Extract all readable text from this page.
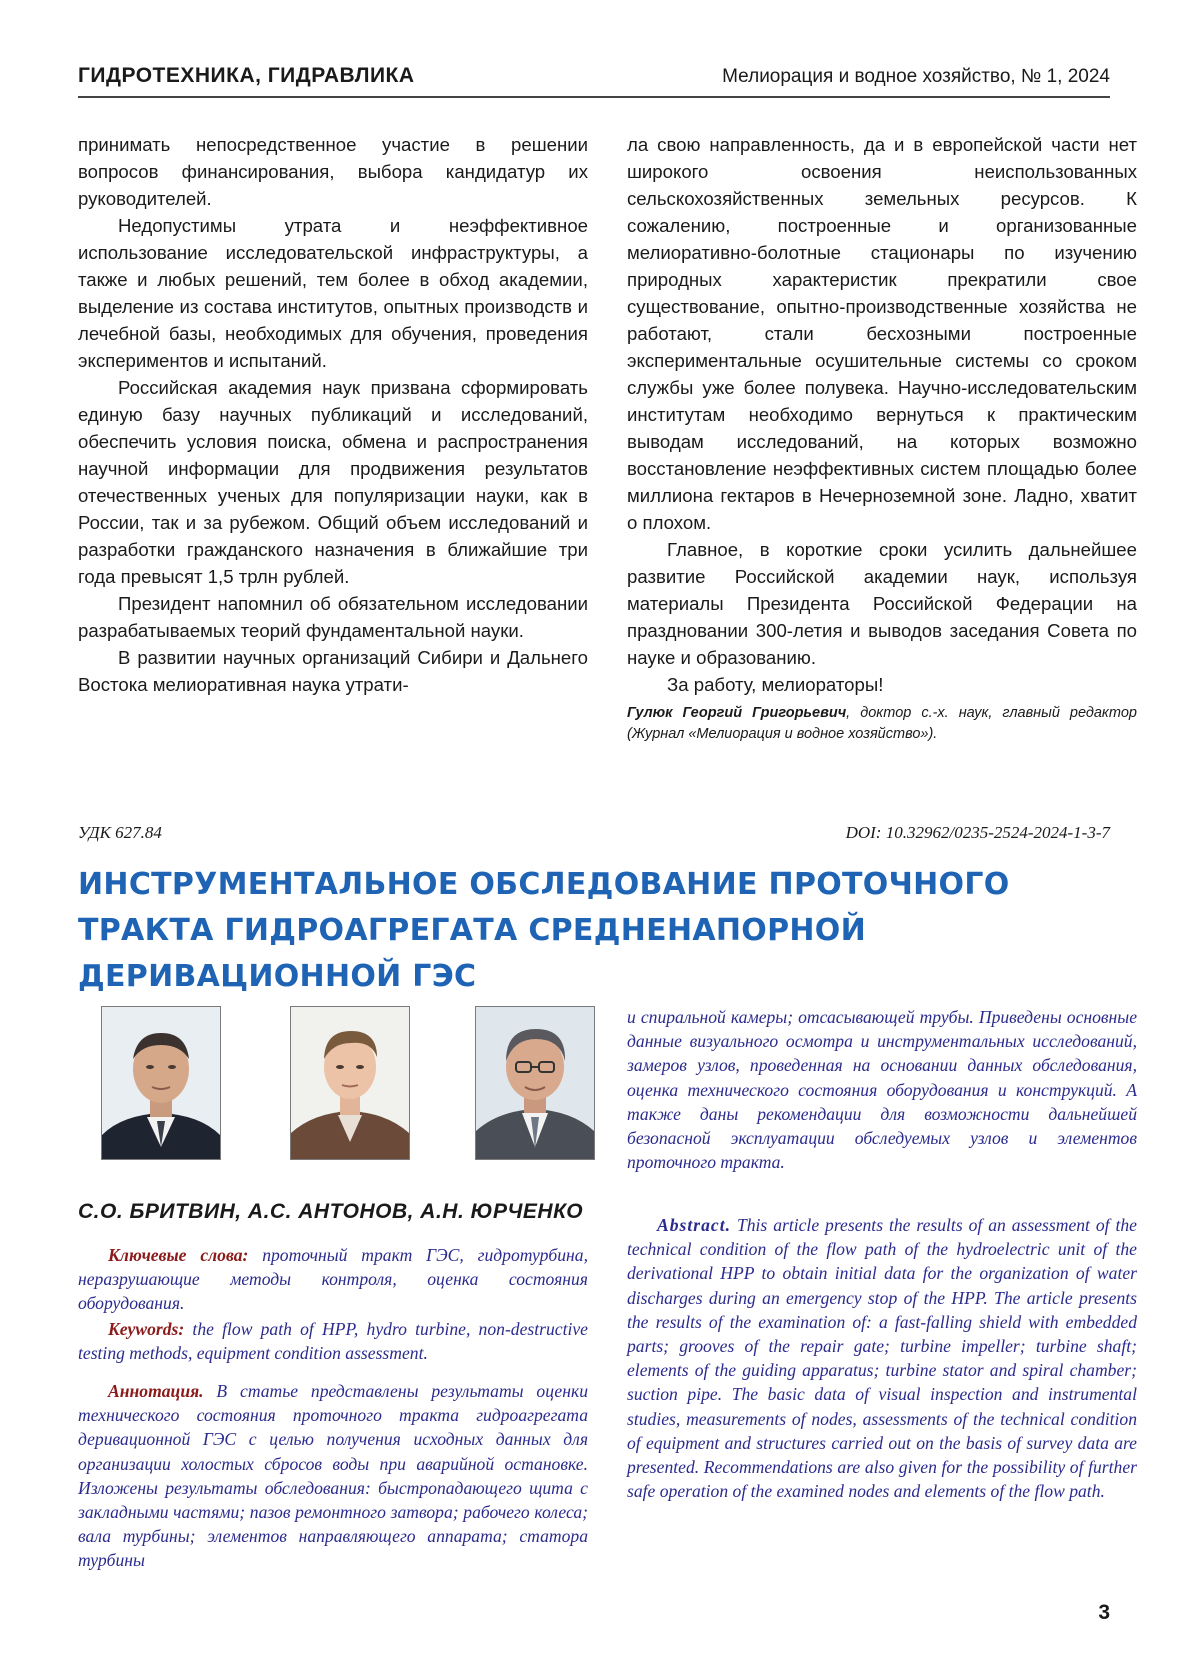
ГИДРОТЕХНИКА, ГИДРАВЛИКА	Мелиорация и водное хозяйство, № 1, 2024

принимать непосредственное участие в решении вопросов финансирования, выбора кандидатур их руководителей.

Недопустимы утрата и неэффективное использование исследовательской инфраструктуры, а также и любых решений, тем более в обход академии, выделение из состава институтов, опытных производств и лечебной базы, необходимых для обучения, проведения экспериментов и испытаний.

Российская академия наук призвана сформировать единую базу научных публикаций и исследований, обеспечить условия поиска, обмена и распространения научной информации для продвижения результатов отечественных ученых для популяризации науки, как в России, так и за рубежом. Общий объем исследований и разработки гражданского назначения в ближайшие три года превысят 1,5 трлн рублей.

Президент напомнил об обязательном исследовании разрабатываемых теорий фундаментальной науки.

В развитии научных организаций Сибири и Дальнего Востока мелиоративная наука утрати-

ла свою направленность, да и в европейской части нет широкого освоения неиспользованных сельскохозяйственных земельных ресурсов. К сожалению, построенные и организованные мелиоративно-болотные стационары по изучению природных характеристик прекратили свое существование, опытно-производственные хозяйства не работают, стали бесхозными построенные экспериментальные осушительные системы со сроком службы уже более полувека. Научно-исследовательским институтам необходимо вернуться к практическим выводам исследований, на которых возможно восстановление неэффективных систем площадью более миллиона гектаров в Нечерноземной зоне. Ладно, хватит о плохом.

Главное, в короткие сроки усилить дальнейшее развитие Российской академии наук, используя материалы Президента Российской Федерации на праздновании 300-летия и выводов заседания Совета по науке и образованию.

За работу, мелиораторы!

Гулюк Георгий Григорьевич, доктор с.-х. наук, главный редактор (Журнал «Мелиорация и водное хозяйство»).
УДК 627.84	DOI: 10.32962/0235-2524-2024-1-3-7
ИНСТРУМЕНТАЛЬНОЕ ОБСЛЕДОВАНИЕ ПРОТОЧНОГО
ТРАКТА ГИДРОАГРЕГАТА СРЕДНЕНАПОРНОЙ
ДЕРИВАЦИОННОЙ ГЭС
С.О. БРИТВИН, А.С. АНТОНОВ, А.Н. ЮРЧЕНКО

Ключевые слова: проточный тракт ГЭС, гидротурбина, неразрушающие методы контроля, оценка состояния оборудования.

Keywords: the flow path of HPP, hydro turbine, non-destructive testing methods, equipment condition assessment.

Аннотация. В статье представлены результаты оценки технического состояния проточного тракта гидроагрегата деривационной ГЭС с целью получения исходных данных для организации холостых сбросов воды при аварийной остановке. Изложены результаты обследования: быстропадающего щита с закладными частями; пазов ремонтного затвора; рабочего колеса; вала турбины; элементов направляющего аппарата; статора турбины

и спиральной камеры; отсасывающей трубы. Приведены основные данные визуального осмотра и инструментальных исследований, замеров узлов, проведенная на основании данных обследования, оценка технического состояния оборудования и конструкций. А также даны рекомендации для возможности дальнейшей безопасной эксплуатации обследуемых узлов и элементов проточного тракта.

Abstract. This article presents the results of an assessment of the technical condition of the flow path of the hydroelectric unit of the derivational HPP to obtain initial data for the organization of water discharges during an emergency stop of the HPP. The article presents the results of the examination of: a fast-falling shield with embedded parts; grooves of the repair gate; turbine impeller; turbine shaft; elements of the guiding apparatus; turbine stator and spiral chamber; suction pipe. The basic data of visual inspection and instrumental studies, measurements of nodes, assessments of the technical condition of equipment and structures carried out on the basis of survey data are presented. Recommendations are also given for the possibility of further safe operation of the examined nodes and elements of the flow path.

3
